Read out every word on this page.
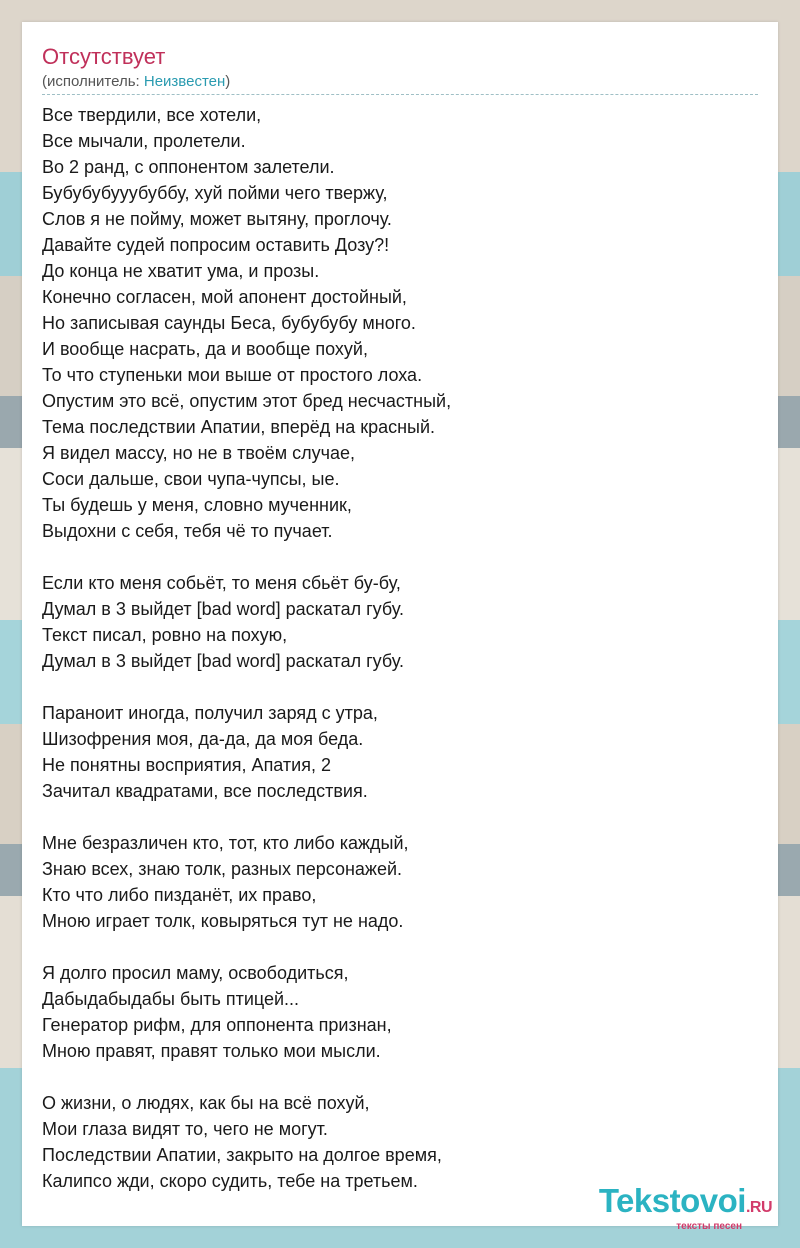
Отсутствует
(исполнитель: Неизвестен)
Все твердили, все хотели,
Все мычали, пролетели.
Во 2 ранд, с оппонентом залетели.
Бубубубууубуббу, хуй пойми чего твержу,
Слов я не пойму, может вытяну, проглочу.
Давайте судей попросим оставить Дозу?!
До конца не хватит ума, и прозы.
Конечно согласен, мой апонент достойный,
Но записывая саунды Беса, бубубубу много.
И вообще насрать, да и вообще похуй,
То что ступеньки мои выше от простого лоха.
Опустим это всё, опустим этот бред несчастный,
Тема последствии Апатии, вперёд на красный.
Я видел массу, но не в твоём случае,
Соси дальше, свои чупа-чупсы, ые.
Ты будешь у меня, словно мученник,
Выдохни с себя, тебя чё то пучает.
Если кто меня собьёт, то меня сбьёт бу-бу,
Думал в 3 выйдет [bad word] раскатал губу.
Текст писал, ровно на похую,
Думал в 3 выйдет [bad word] раскатал губу.
Параноит иногда, получил заряд с утра,
Шизофрения моя, да-да, да моя беда.
Не понятны восприятия, Апатия, 2
Зачитал квадратами, все последствия.
Мне безразличен кто, тот, кто либо каждый,
Знаю всех, знаю толк, разных персонажей.
Кто что либо пизданёт, их право,
Мною играет толк, ковыряться тут не надо.
Я долго просил маму, освободиться,
Дабыдабыдабы быть птицей...
Генератор рифм, для оппонента признан,
Мною правят, правят только мои мысли.
О жизни, о людях, как бы на всё похуй,
Мои глаза видят то, чего не могут.
Последствии Апатии, закрыто на долгое время,
Калипсо жди, скоро судить, тебе на третьем.
Tekstovoi.RU
тексты песен
